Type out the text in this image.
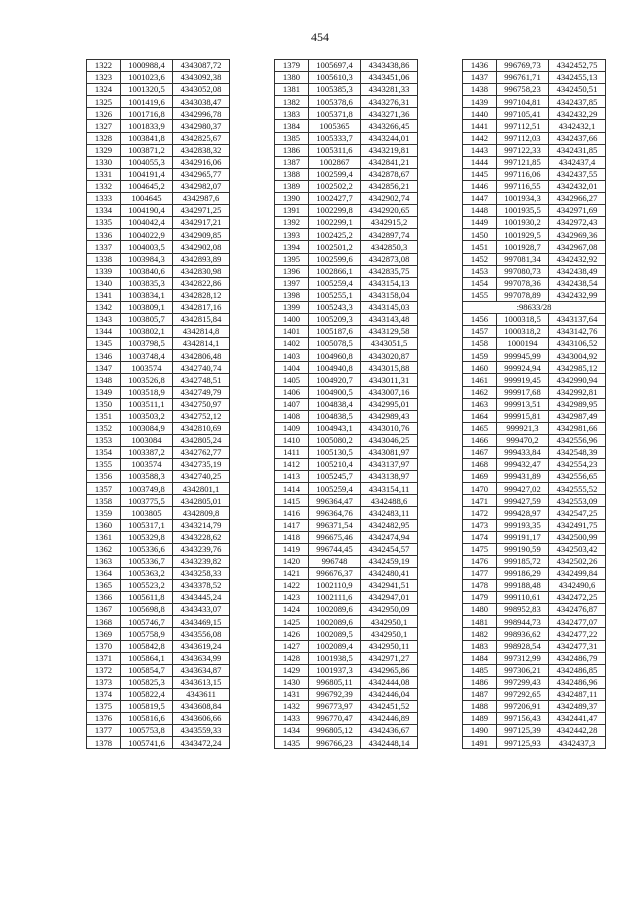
454
1322	1000988,4	4343087,72
1323	1001023,6	4343092,38
1324	1001320,5	4343052,08
1325	1001419,6	4343038,47
1326	1001716,8	4342996,78
1327	1001833,9	4342980,37
1328	1003841,8	4342825,67
1329	1003871,2	4342838,32
1330	1004055,3	4342916,06
1331	1004191,4	4342965,77
1332	1004645,2	4342982,07
1333	1004645	4342987,6
1334	1004190,4	4342971,25
1335	1004042,4	4342917,21
1336	1004022,9	4342909,85
1337	1004003,5	4342902,08
1338	1003984,3	4342893,89
1339	1003840,6	4342830,98
1340	1003835,3	4342822,86
1341	1003834,1	4342828,12
1342	1003809,1	4342817,16
1343	1003805,7	4342815,84
1344	1003802,1	4342814,8
1345	1003798,5	4342814,1
1346	1003748,4	4342806,48
1347	1003574	4342740,74
1348	1003526,8	4342748,51
1349	1003518,9	4342749,79
1350	1003511,1	4342750,97
1351	1003503,2	4342752,12
1352	1003084,9	4342810,69
1353	1003084	4342805,24
1354	1003387,2	4342762,77
1355	1003574	4342735,19
1356	1003588,3	4342740,25
1357	1003749,8	4342801,1
1358	1003775,5	4342805,01
1359	1003805	4342809,8
1360	1005317,1	4343214,79
1361	1005329,8	4343228,62
1362	1005336,6	4343239,76
1363	1005336,7	4343239,82
1364	1005363,2	4343258,33
1365	1005523,2	4343378,52
1366	1005611,8	4343445,24
1367	1005698,8	4343433,07
1368	1005746,7	4343469,15
1369	1005758,9	4343556,08
1370	1005842,8	4343619,24
1371	1005864,1	4343634,99
1372	1005854,7	4343634,87
1373	1005825,3	4343613,15
1374	1005822,4	4343611
1375	1005819,5	4343608,84
1376	1005816,6	4343606,66
1377	1005753,8	4343559,33
1378	1005741,6	4343472,24
1379	1005697,4	4343438,86
1380	1005610,3	4343451,06
1381	1005385,3	4343281,33
1382	1005378,6	4343276,31
1383	1005371,8	4343271,36
1384	1005365	4343266,45
1385	1005333,7	4343244,01
1386	1005311,6	4343219,81
1387	1002867	4342841,21
1388	1002599,4	4342878,67
1389	1002502,2	4342856,21
1390	1002427,7	4342902,74
1391	1002299,8	4342920,65
1392	1002299,1	4342915,2
1393	1002425,2	4342897,74
1394	1002501,2	4342850,3
1395	1002599,6	4342873,08
1396	1002866,1	4342835,75
1397	1005259,4	4343154,13
1398	1005255,1	4343158,04
1399	1005243,3	4343145,03
1400	1005209,3	4343143,48
1401	1005187,6	4343129,58
1402	1005078,5	4343051,5
1403	1004960,8	4343020,87
1404	1004940,8	4343015,88
1405	1004920,7	4343011,31
1406	1004900,5	4343007,16
1407	1004838,4	4342995,01
1408	1004838,5	4342989,43
1409	1004943,1	4343010,76
1410	1005080,2	4343046,25
1411	1005130,5	4343081,97
1412	1005210,4	4343137,97
1413	1005245,7	4343138,97
1414	1005259,4	4343154,11
1415	996364,47	4342488,6
1416	996364,76	4342483,11
1417	996371,54	4342482,95
1418	996675,46	4342474,94
1419	996744,45	4342454,57
1420	996748	4342459,19
1421	996676,37	4342480,41
1422	1002110,9	4342941,51
1423	1002111,6	4342947,01
1424	1002089,6	4342950,09
1425	1002089,6	4342950,1
1426	1002089,5	4342950,1
1427	1002089,4	4342950,11
1428	1001938,5	4342971,27
1429	1001937,3	4342965,86
1430	996805,11	4342444,08
1431	996792,39	4342446,04
1432	996773,97	4342451,52
1433	996770,47	4342446,89
1434	996805,12	4342436,67
1435	996766,23	4342448,14
1436	996769,73	4342452,75
1437	996761,71	4342455,13
1438	996758,23	4342450,51
1439	997104,81	4342437,85
1440	997105,41	4342432,29
1441	997112,51	4342432,1
1442	997112,03	4342437,66
1443	997122,33	4342431,85
1444	997121,85	4342437,4
1445	997116,06	4342437,55
1446	997116,55	4342432,01
1447	1001934,3	4342966,27
1448	1001935,5	4342971,69
1449	1001930,2	4342972,43
1450	1001929,5	4342969,36
1451	1001928,7	4342967,08
1452	997081,34	4342432,92
1453	997080,73	4342438,49
1454	997078,36	4342438,54
1455	997078,89	4342432,99
:98633/28		
1456	1000318,5	4343137,64
1457	1000318,2	4343142,76
1458	1000194	4343106,52
1459	999945,99	4343004,92
1460	999924,94	4342985,12
1461	999919,45	4342990,94
1462	999917,68	4342992,81
1463	999913,51	4342989,95
1464	999915,81	4342987,49
1465	999921,3	4342981,66
1466	999470,2	4342556,96
1467	999433,84	4342548,39
1468	999432,47	4342554,23
1469	999431,89	4342556,65
1470	999427,02	4342555,52
1471	999427,59	4342553,09
1472	999428,97	4342547,25
1473	999193,35	4342491,75
1474	999191,17	4342500,99
1475	999190,59	4342503,42
1476	999185,72	4342502,26
1477	999186,29	4342499,84
1478	999188,48	4342490,6
1479	999110,61	4342472,25
1480	998952,83	4342476,87
1481	998944,73	4342477,07
1482	998936,62	4342477,22
1483	998928,54	4342477,31
1484	997312,99	4342486,79
1485	997306,21	4342486,85
1486	997299,43	4342486,96
1487	997292,65	4342487,11
1488	997206,91	4342489,37
1489	997156,43	4342441,47
1490	997125,39	4342442,28
1491	997125,93	4342437,3
